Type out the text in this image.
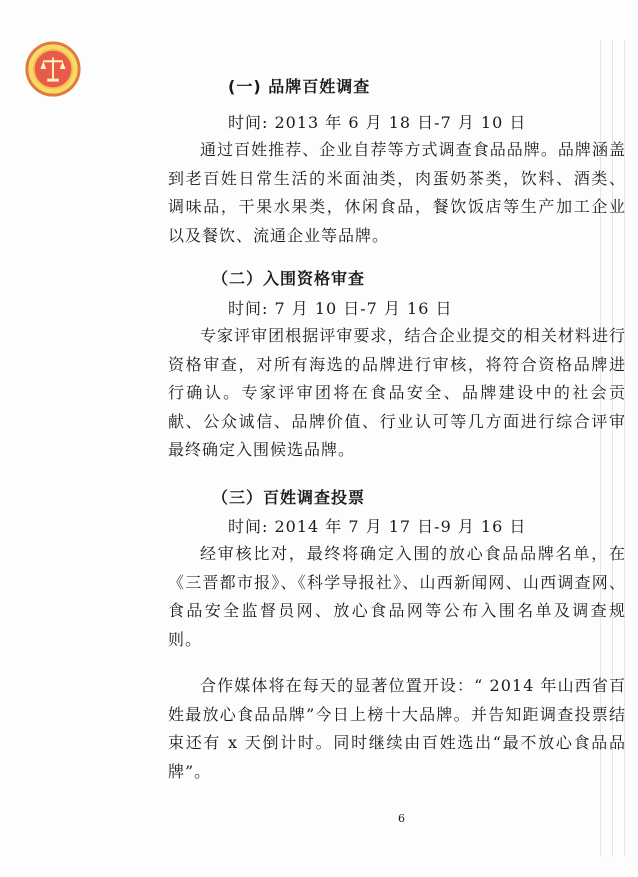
(一) 品牌百姓调查
时间: 2013 年 6 月 18 日-7 月 10 日
通过百姓推荐、企业自荐等方式调查食品品牌。品牌涵盖到老百姓日常生活的米面油类，肉蛋奶茶类，饮料、酒类、调味品，干果水果类，休闲食品，餐饮饭店等生产加工企业以及餐饮、流通企业等品牌。
（二）入围资格审查
时间: 7 月 10 日-7 月 16 日
专家评审团根据评审要求，结合企业提交的相关材料进行资格审查，对所有海选的品牌进行审核，将符合资格品牌进行确认。专家评审团将在食品安全、品牌建设中的社会贡献、公众诚信、品牌价值、行业认可等几方面进行综合评审最终确定入围候选品牌。
（三）百姓调查投票
时间: 2014 年 7 月 17 日-9 月 16 日
经审核比对，最终将确定入围的放心食品品牌名单，在《三晋都市报》、《科学导报社》、山西新闻网、山西调查网、食品安全监督员网、放心食品网等公布入围名单及调查规则。
合作媒体将在每天的显著位置开设：“ 2014 年山西省百姓最放心食品品牌”今日上榜十大品牌。并告知距调查投票结束还有 x 天倒计时。同时继续由百姓选出“最不放心食品品牌”。
6
